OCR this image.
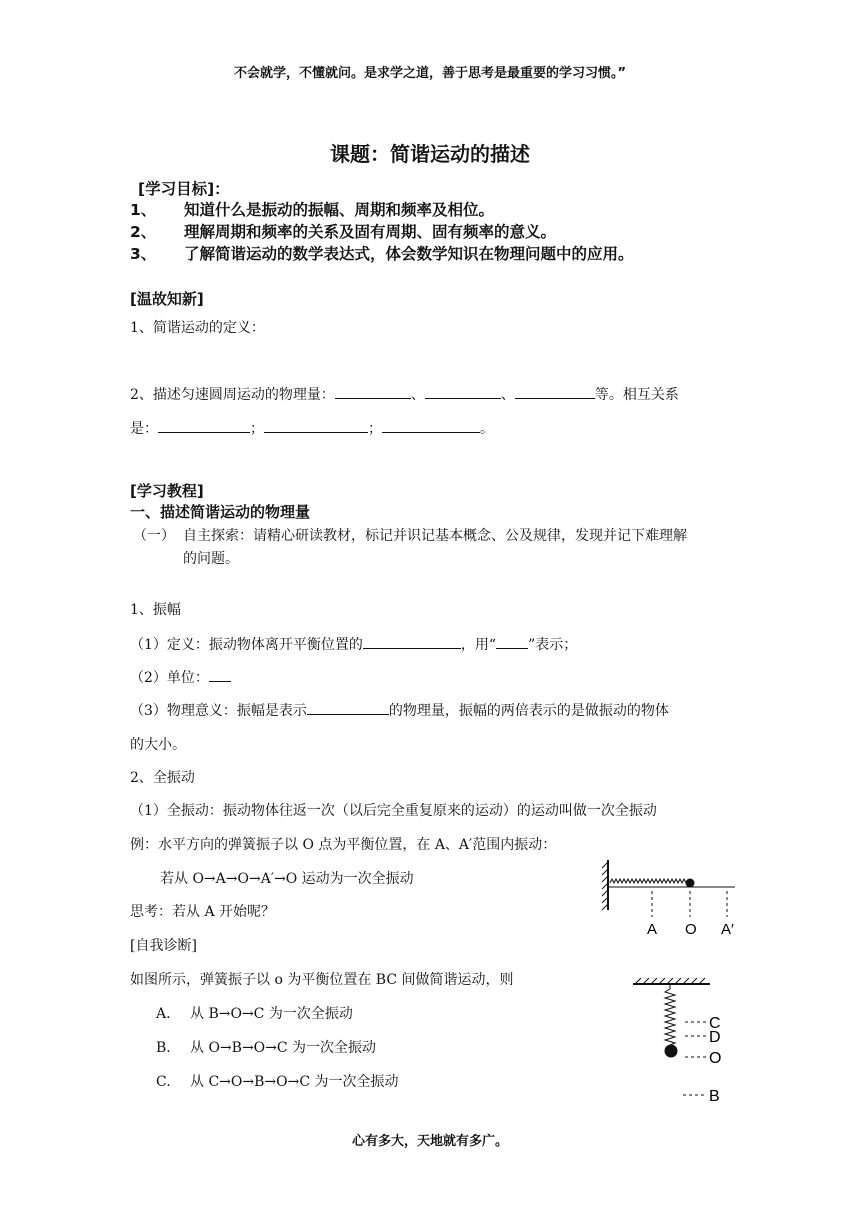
不会就学，不懂就问。是求学之道，善于思考是最重要的学习习惯。”
课题：简谐运动的描述
[学习目标]：
1、 知道什么是振动的振幅、周期和频率及相位。
2、 理解周期和频率的关系及固有周期、固有频率的意义。
3、 了解简谐运动的数学表达式，体会数学知识在物理问题中的应用。
[温故知新]
1、简谐运动的定义：
2、描述匀速圆周运动的物理量：	、	、	等。相互关系
是：	；	；	。
[学习教程]
一、描述简谐运动的物理量
（一） 自主探索：请精心研读教材，标记并识记基本概念、公及规律，发现并记下难理解
的问题。
1、振幅
（1）定义：振动物体离开平衡位置的	，用“ ”表示；
（2）单位：
（3）物理意义：振幅是表示	的物理量，振幅的两倍表示的是做振动的物体
的大小。
2、全振动
（1）全振动：振动物体往返一次（以后完全重复原来的运动）的运动叫做一次全振动
例：水平方向的弹簧振子以 O 点为平衡位置，在 A、A′范围内振动：
若从 O→A→O→A′→O 运动为一次全振动
思考：若从 A 开始呢？
A O A′
[自我诊断]
如图所示，弹簧振子以 o 为平衡位置在 BC 间做简谐运动，则
A. 从 B→O→C 为一次全振动
B. 从 O→B→O→C 为一次全振动
C. 从 C→O→B→O→C 为一次全振动
C
D
O
B
心有多大，天地就有多广。
